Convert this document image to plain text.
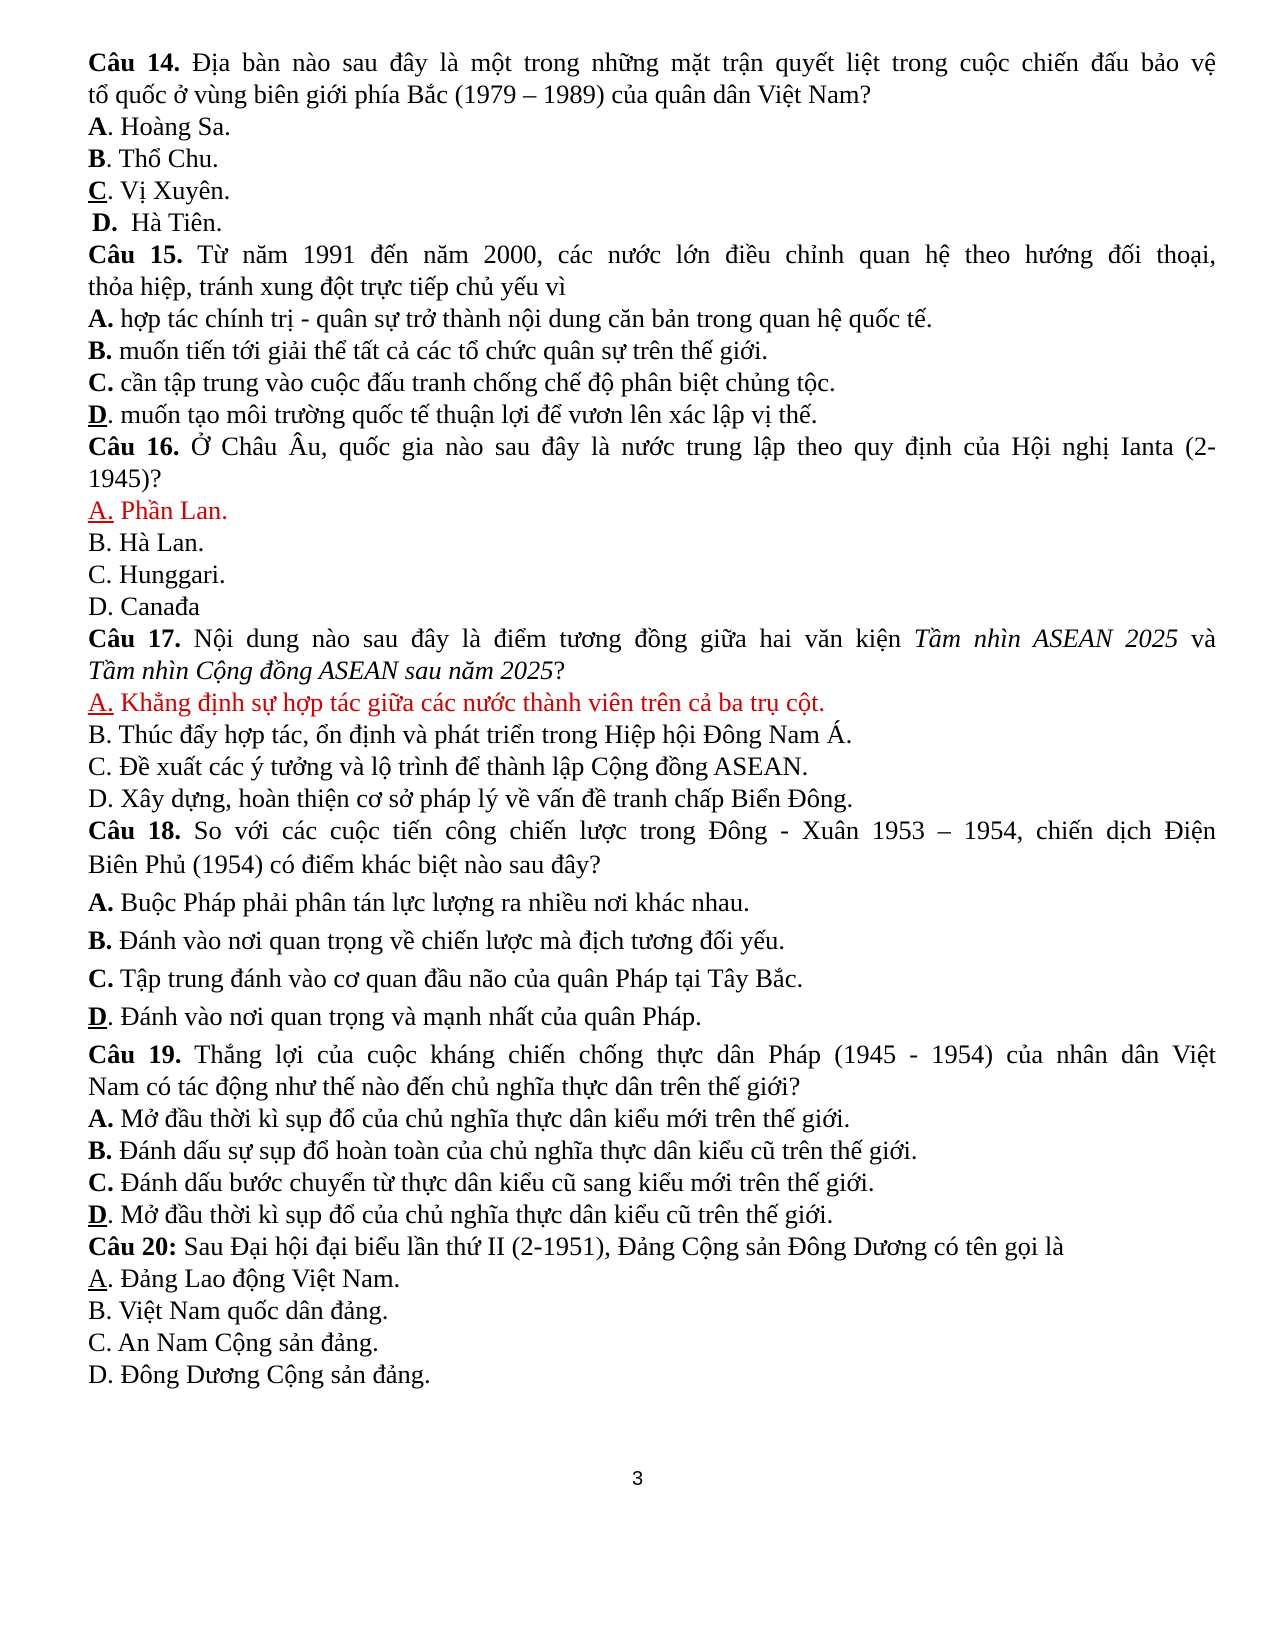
Câu 14. Địa bàn nào sau đây là một trong những mặt trận quyết liệt trong cuộc chiến đấu bảo vệ
tổ quốc ở vùng biên giới phía Bắc (1979 – 1989) của quân dân Việt Nam?
A. Hoàng Sa.
B. Thổ Chu.
C. Vị Xuyên.
D.  Hà Tiên.
Câu 15. Từ năm 1991 đến năm 2000, các nước lớn điều chỉnh quan hệ theo hướng đối thoại,
thỏa hiệp, tránh xung đột trực tiếp chủ yếu vì
A. hợp tác chính trị - quân sự trở thành nội dung căn bản trong quan hệ quốc tế.
B. muốn tiến tới giải thể tất cả các tổ chức quân sự trên thế giới.
C. cần tập trung vào cuộc đấu tranh chống chế độ phân biệt chủng tộc.
D. muốn tạo môi trường quốc tế thuận lợi để vươn lên xác lập vị thế.
Câu 16. Ở Châu Âu, quốc gia nào sau đây là nước trung lập theo quy định của Hội nghị Ianta (2-
1945)?
A. Phần Lan.
B. Hà Lan.
C. Hunggari.
D. Canađa
Câu 17. Nội dung nào sau đây là điểm tương đồng giữa hai văn kiện Tầm nhìn ASEAN 2025 và
Tầm nhìn Cộng đồng ASEAN sau năm 2025?
A. Khẳng định sự hợp tác giữa các nước thành viên trên cả ba trụ cột.
B. Thúc đẩy hợp tác, ổn định và phát triển trong Hiệp hội Đông Nam Á.
C. Đề xuất các ý tưởng và lộ trình để thành lập Cộng đồng ASEAN.
D. Xây dựng, hoàn thiện cơ sở pháp lý về vấn đề tranh chấp Biển Đông.
Câu 18. So với các cuộc tiến công chiến lược trong Đông - Xuân 1953 – 1954, chiến dịch Điện
Biên Phủ (1954) có điểm khác biệt nào sau đây?
A. Buộc Pháp phải phân tán lực lượng ra nhiều nơi khác nhau.
B. Đánh vào nơi quan trọng về chiến lược mà địch tương đối yếu.
C. Tập trung đánh vào cơ quan đầu não của quân Pháp tại Tây Bắc.
D. Đánh vào nơi quan trọng và mạnh nhất của quân Pháp.
Câu 19. Thắng lợi của cuộc kháng chiến chống thực dân Pháp (1945 - 1954) của nhân dân Việt
Nam có tác động như thế nào đến chủ nghĩa thực dân trên thế giới?
A. Mở đầu thời kì sụp đổ của chủ nghĩa thực dân kiểu mới trên thế giới.
B. Đánh dấu sự sụp đổ hoàn toàn của chủ nghĩa thực dân kiểu cũ trên thế giới.
C. Đánh dấu bước chuyển từ thực dân kiểu cũ sang kiểu mới trên thế giới.
D. Mở đầu thời kì sụp đổ của chủ nghĩa thực dân kiểu cũ trên thế giới.
Câu 20: Sau Đại hội đại biểu lần thứ II (2-1951), Đảng Cộng sản Đông Dương có tên gọi là
A. Đảng Lao động Việt Nam.
B. Việt Nam quốc dân đảng.
C. An Nam Cộng sản đảng.
D. Đông Dương Cộng sản đảng.
3
